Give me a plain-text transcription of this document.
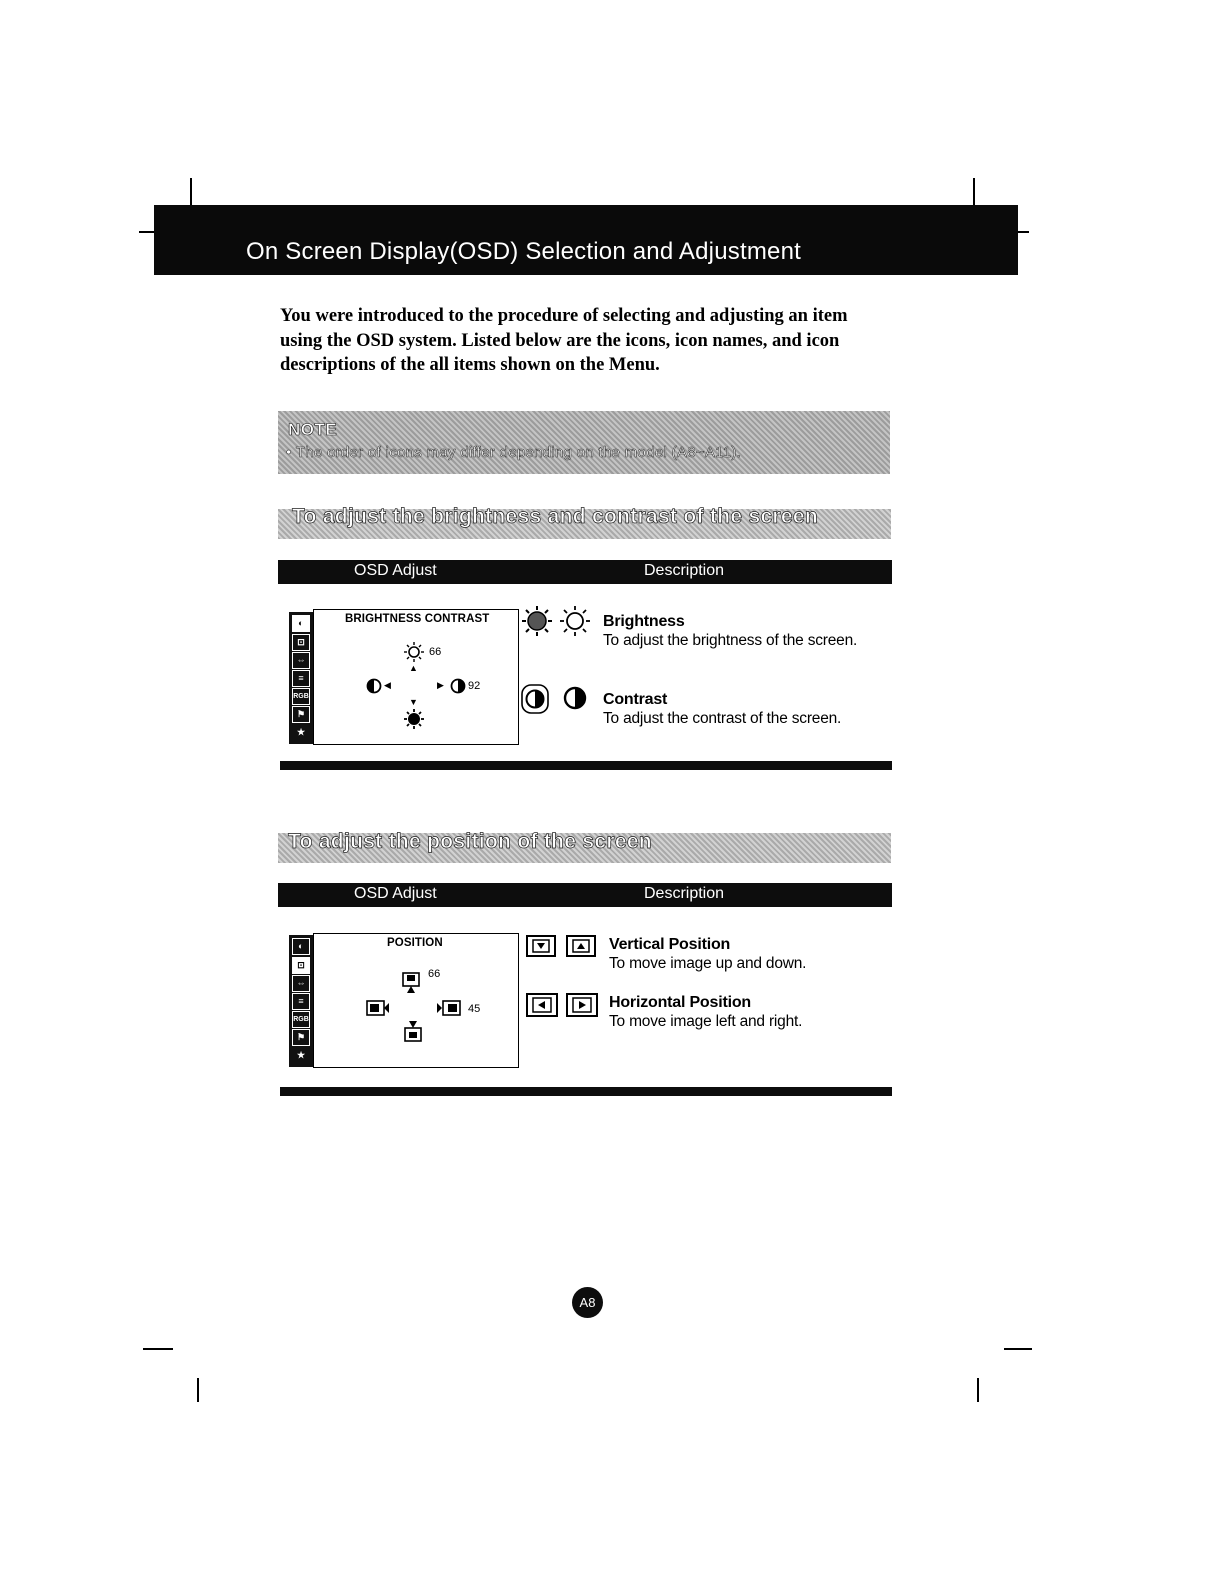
On Screen Display(OSD) Selection and Adjustment
You were introduced to the procedure of selecting and adjusting an item
using the OSD system. Listed below are the icons, icon names, and icon
descriptions of the all items shown on the Menu.
NOTE
• The order of icons may differ depending on the model (A8~A11).
To adjust the brightness and contrast of the screen
OSD Adjust	Description
◐
⊡
⇔
≡
RGB
⚑
★
BRIGHTNESS CONTRAST
66
▲
◀	▶ 92
▼
Brightness
To adjust the brightness of the screen.
Contrast
To adjust the contrast of the screen.
To adjust the position of the screen
OSD Adjust	Description
◐
⊡
⇔
≡
RGB
⚑
★
POSITION
66
45
Vertical Position
To move image up and down.
Horizontal Position
To move image left and right.
A8
